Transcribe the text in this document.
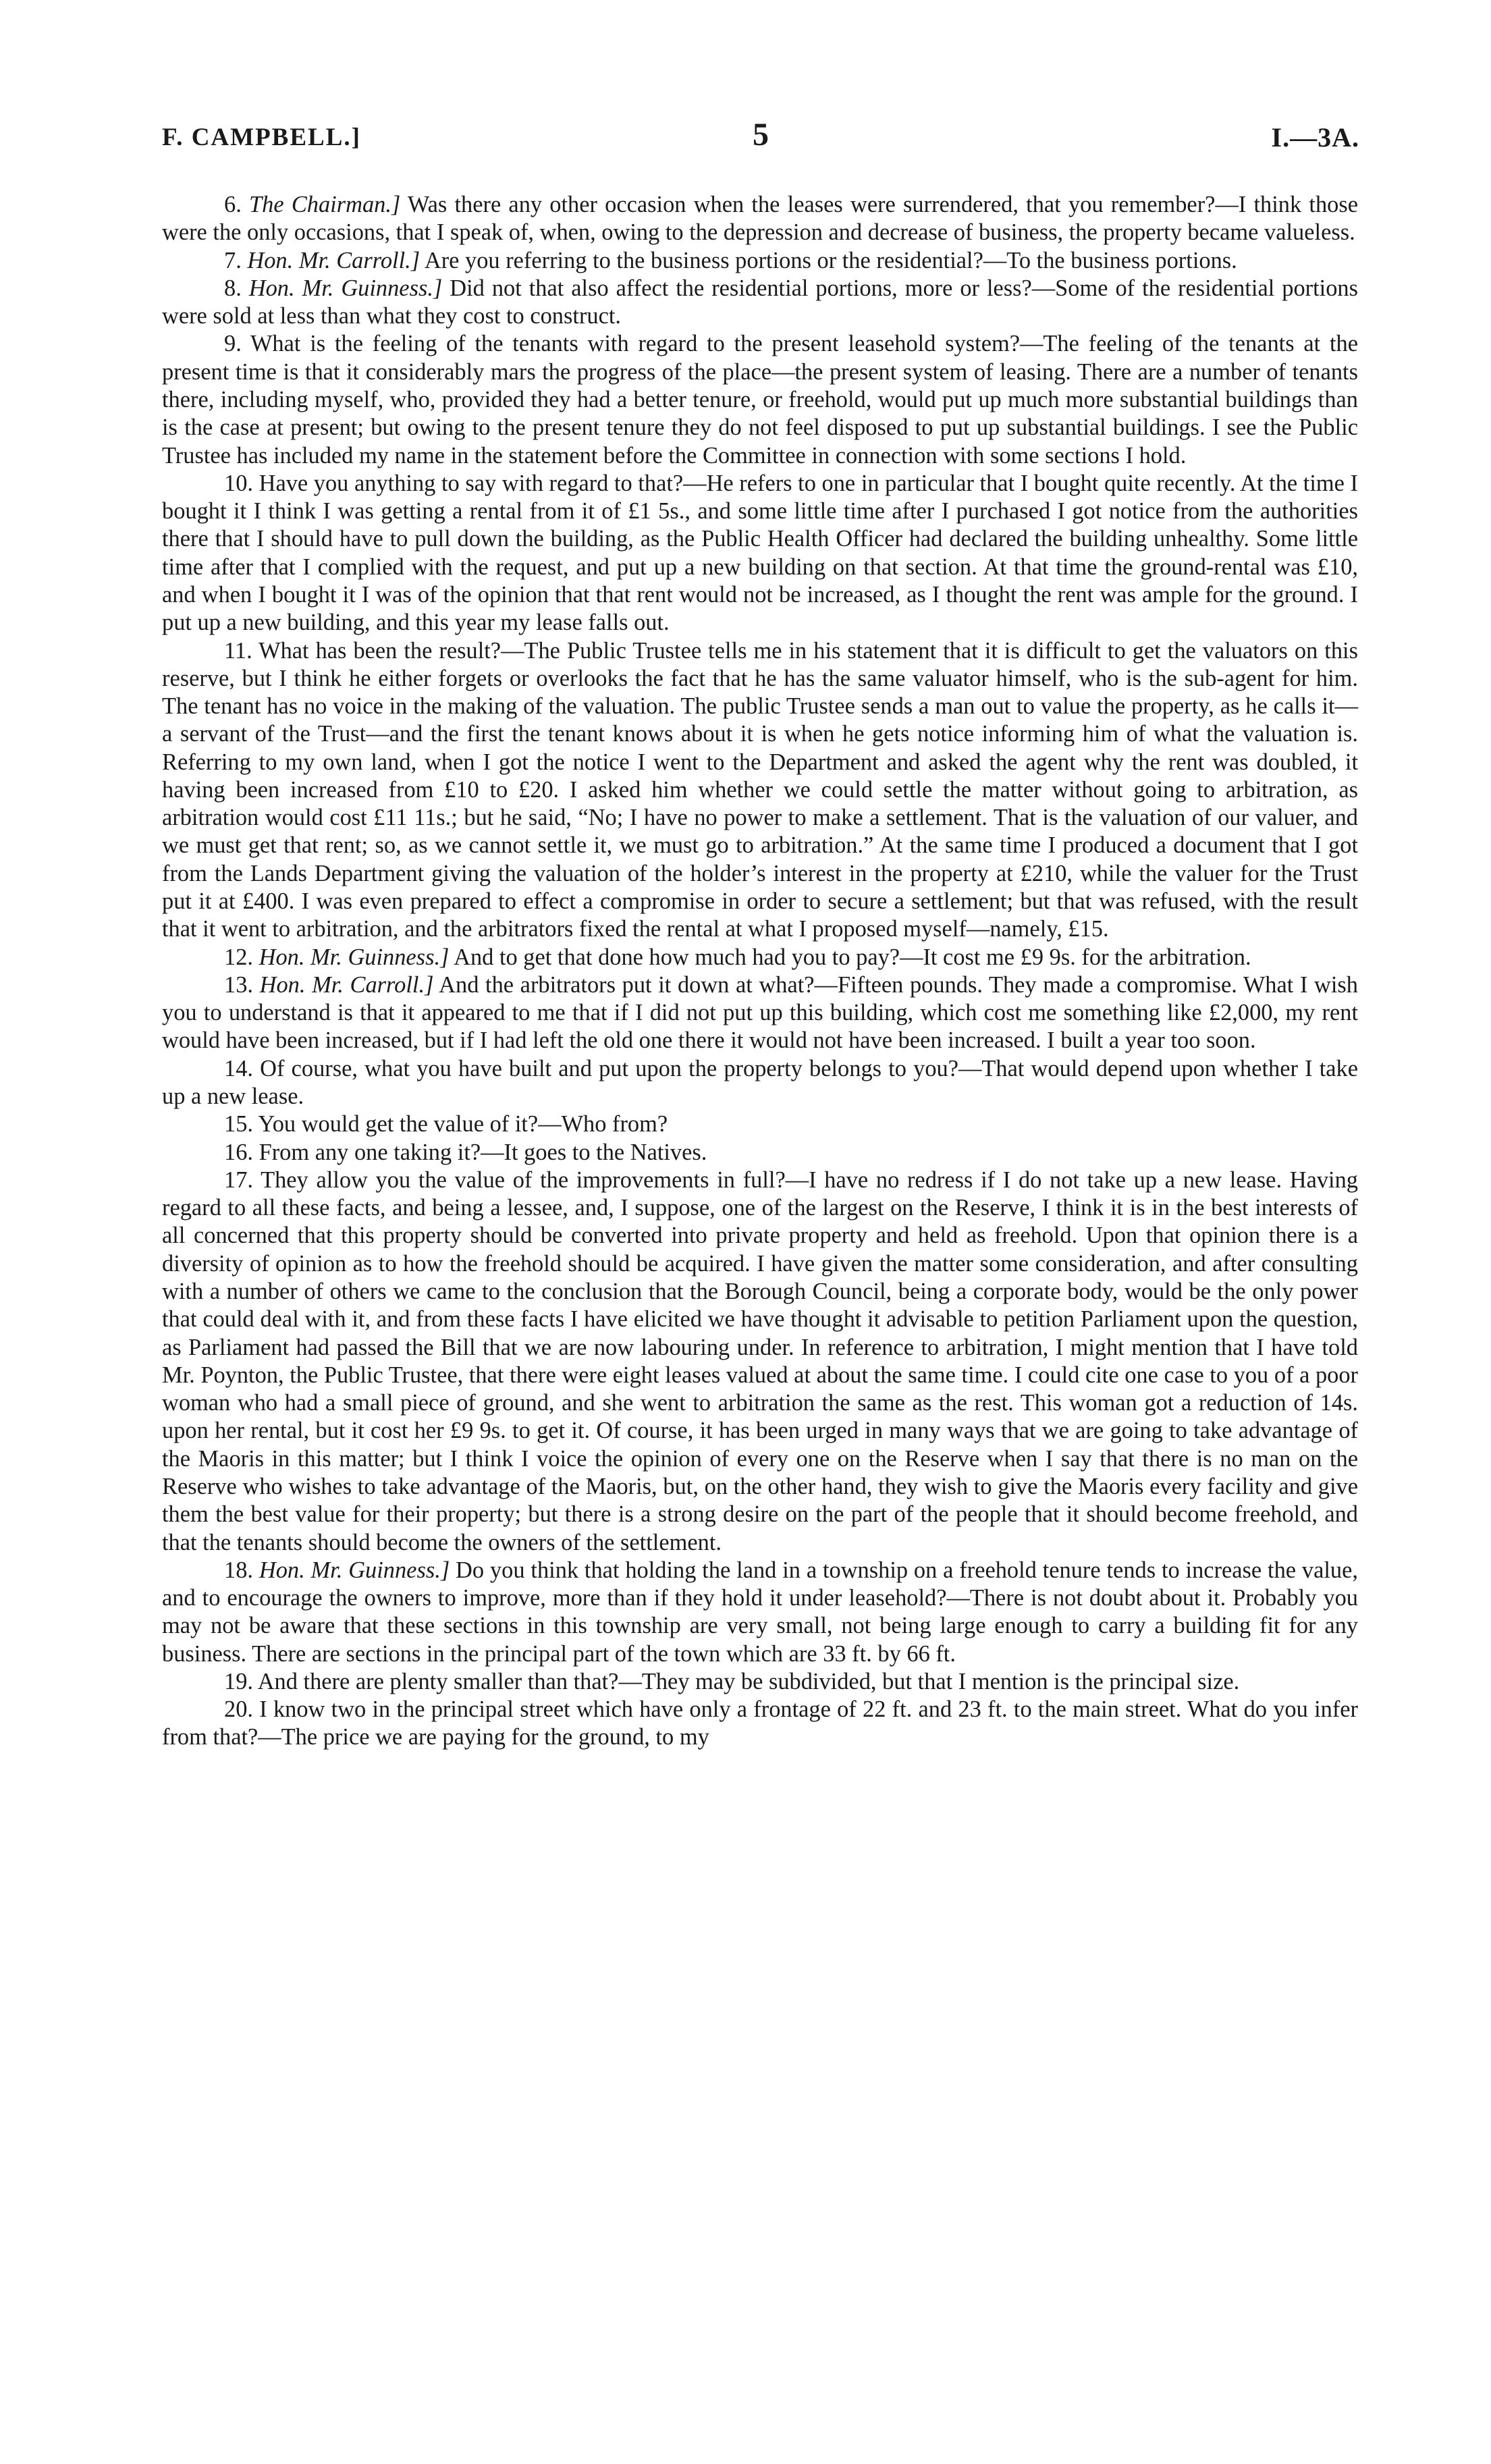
F. CAMPBELL.]	5	I.—3A.

6. The Chairman.] Was there any other occasion when the leases were surrendered, that you remember?—I think those were the only occasions, that I speak of, when, owing to the depression and decrease of business, the property became valueless.

7. Hon. Mr. Carroll.] Are you referring to the business portions or the residential?—To the business portions.

8. Hon. Mr. Guinness.] Did not that also affect the residential portions, more or less?—Some of the residential portions were sold at less than what they cost to construct.

9. What is the feeling of the tenants with regard to the present leasehold system?—The feeling of the tenants at the present time is that it considerably mars the progress of the place—the present system of leasing. There are a number of tenants there, including myself, who, provided they had a better tenure, or freehold, would put up much more substantial buildings than is the case at present; but owing to the present tenure they do not feel disposed to put up substantial buildings. I see the Public Trustee has included my name in the statement before the Committee in connection with some sections I hold.

10. Have you anything to say with regard to that?—He refers to one in particular that I bought quite recently. At the time I bought it I think I was getting a rental from it of £1 5s., and some little time after I purchased I got notice from the authorities there that I should have to pull down the building, as the Public Health Officer had declared the building unhealthy. Some little time after that I complied with the request, and put up a new building on that section. At that time the ground-rental was £10, and when I bought it I was of the opinion that that rent would not be increased, as I thought the rent was ample for the ground. I put up a new building, and this year my lease falls out.

11. What has been the result?—The Public Trustee tells me in his statement that it is difficult to get the valuators on this reserve, but I think he either forgets or overlooks the fact that he has the same valuator himself, who is the sub-agent for him. The tenant has no voice in the making of the valuation. The public Trustee sends a man out to value the property, as he calls it—a servant of the Trust—and the first the tenant knows about it is when he gets notice informing him of what the valuation is. Referring to my own land, when I got the notice I went to the Department and asked the agent why the rent was doubled, it having been increased from £10 to £20. I asked him whether we could settle the matter without going to arbitration, as arbitration would cost £11 11s.; but he said, “No; I have no power to make a settlement. That is the valuation of our valuer, and we must get that rent; so, as we cannot settle it, we must go to arbitration.” At the same time I produced a document that I got from the Lands Department giving the valuation of the holder’s interest in the property at £210, while the valuer for the Trust put it at £400. I was even prepared to effect a compromise in order to secure a settlement; but that was refused, with the result that it went to arbitration, and the arbitrators fixed the rental at what I proposed myself—namely, £15.

12. Hon. Mr. Guinness.] And to get that done how much had you to pay?—It cost me £9 9s. for the arbitration.

13. Hon. Mr. Carroll.] And the arbitrators put it down at what?—Fifteen pounds. They made a compromise. What I wish you to understand is that it appeared to me that if I did not put up this building, which cost me something like £2,000, my rent would have been increased, but if I had left the old one there it would not have been increased. I built a year too soon.

14. Of course, what you have built and put upon the property belongs to you?—That would depend upon whether I take up a new lease.

15. You would get the value of it?—Who from?

16. From any one taking it?—It goes to the Natives.

17. They allow you the value of the improvements in full?—I have no redress if I do not take up a new lease. Having regard to all these facts, and being a lessee, and, I suppose, one of the largest on the Reserve, I think it is in the best interests of all concerned that this property should be converted into private property and held as freehold. Upon that opinion there is a diversity of opinion as to how the freehold should be acquired. I have given the matter some consideration, and after consulting with a number of others we came to the conclusion that the Borough Council, being a corporate body, would be the only power that could deal with it, and from these facts I have elicited we have thought it advisable to petition Parliament upon the question, as Parliament had passed the Bill that we are now labouring under. In reference to arbitration, I might mention that I have told Mr. Poynton, the Public Trustee, that there were eight leases valued at about the same time. I could cite one case to you of a poor woman who had a small piece of ground, and she went to arbitration the same as the rest. This woman got a reduction of 14s. upon her rental, but it cost her £9 9s. to get it. Of course, it has been urged in many ways that we are going to take advantage of the Maoris in this matter; but I think I voice the opinion of every one on the Reserve when I say that there is no man on the Reserve who wishes to take advantage of the Maoris, but, on the other hand, they wish to give the Maoris every facility and give them the best value for their property; but there is a strong desire on the part of the people that it should become freehold, and that the tenants should become the owners of the settlement.

18. Hon. Mr. Guinness.] Do you think that holding the land in a township on a freehold tenure tends to increase the value, and to encourage the owners to improve, more than if they hold it under leasehold?—There is not doubt about it. Probably you may not be aware that these sections in this township are very small, not being large enough to carry a building fit for any business. There are sections in the principal part of the town which are 33 ft. by 66 ft.

19. And there are plenty smaller than that?—They may be subdivided, but that I mention is the principal size.

20. I know two in the principal street which have only a frontage of 22 ft. and 23 ft. to the main street. What do you infer from that?—The price we are paying for the ground, to my
